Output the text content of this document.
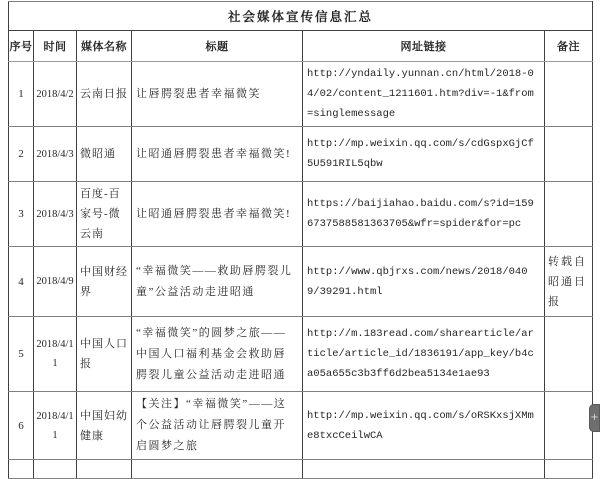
社会媒体宣传信息汇总					
序号	时间	媒体名称	标题	网址链接	备注
1	2018/4/2	云南日报	让唇腭裂患者幸福微笑	http://yndaily.yunnan.cn/html/2018-04/02/content_1211601.htm?div=-1&from=singlemessage	
2	2018/4/3	微昭通	让昭通唇腭裂患者幸福微笑!	http://mp.weixin.qq.com/s/cdGspxGjCf5U591RIL5qbw	
3	2018/4/3	百度-百家号-微云南	让昭通唇腭裂患者幸福微笑!	https://baijiahao.baidu.com/s?id=1596737588581363705&wfr=spider&for=pc	
4	2018/4/9	中国财经界	“幸福微笑——救助唇腭裂儿童”公益活动走进昭通	http://www.qbjrxs.com/news/2018/0409/39291.html	转载自昭通日报
5	2018/4/11	中国人口报	“幸福微笑”的圆梦之旅——中国人口福利基金会救助唇腭裂儿童公益活动走进昭通	http://m.183read.com/sharearticle/article/article_id/1836191/app_key/b4ca05a655c3b3ff6d2bea5134e1ae93	
6	2018/4/11	中国妇幼健康	【关注】“幸福微笑”——这个公益活动让唇腭裂儿童开启圆梦之旅	http://mp.weixin.qq.com/s/oRSKxsjXMme8txcCeilwCA	

+
